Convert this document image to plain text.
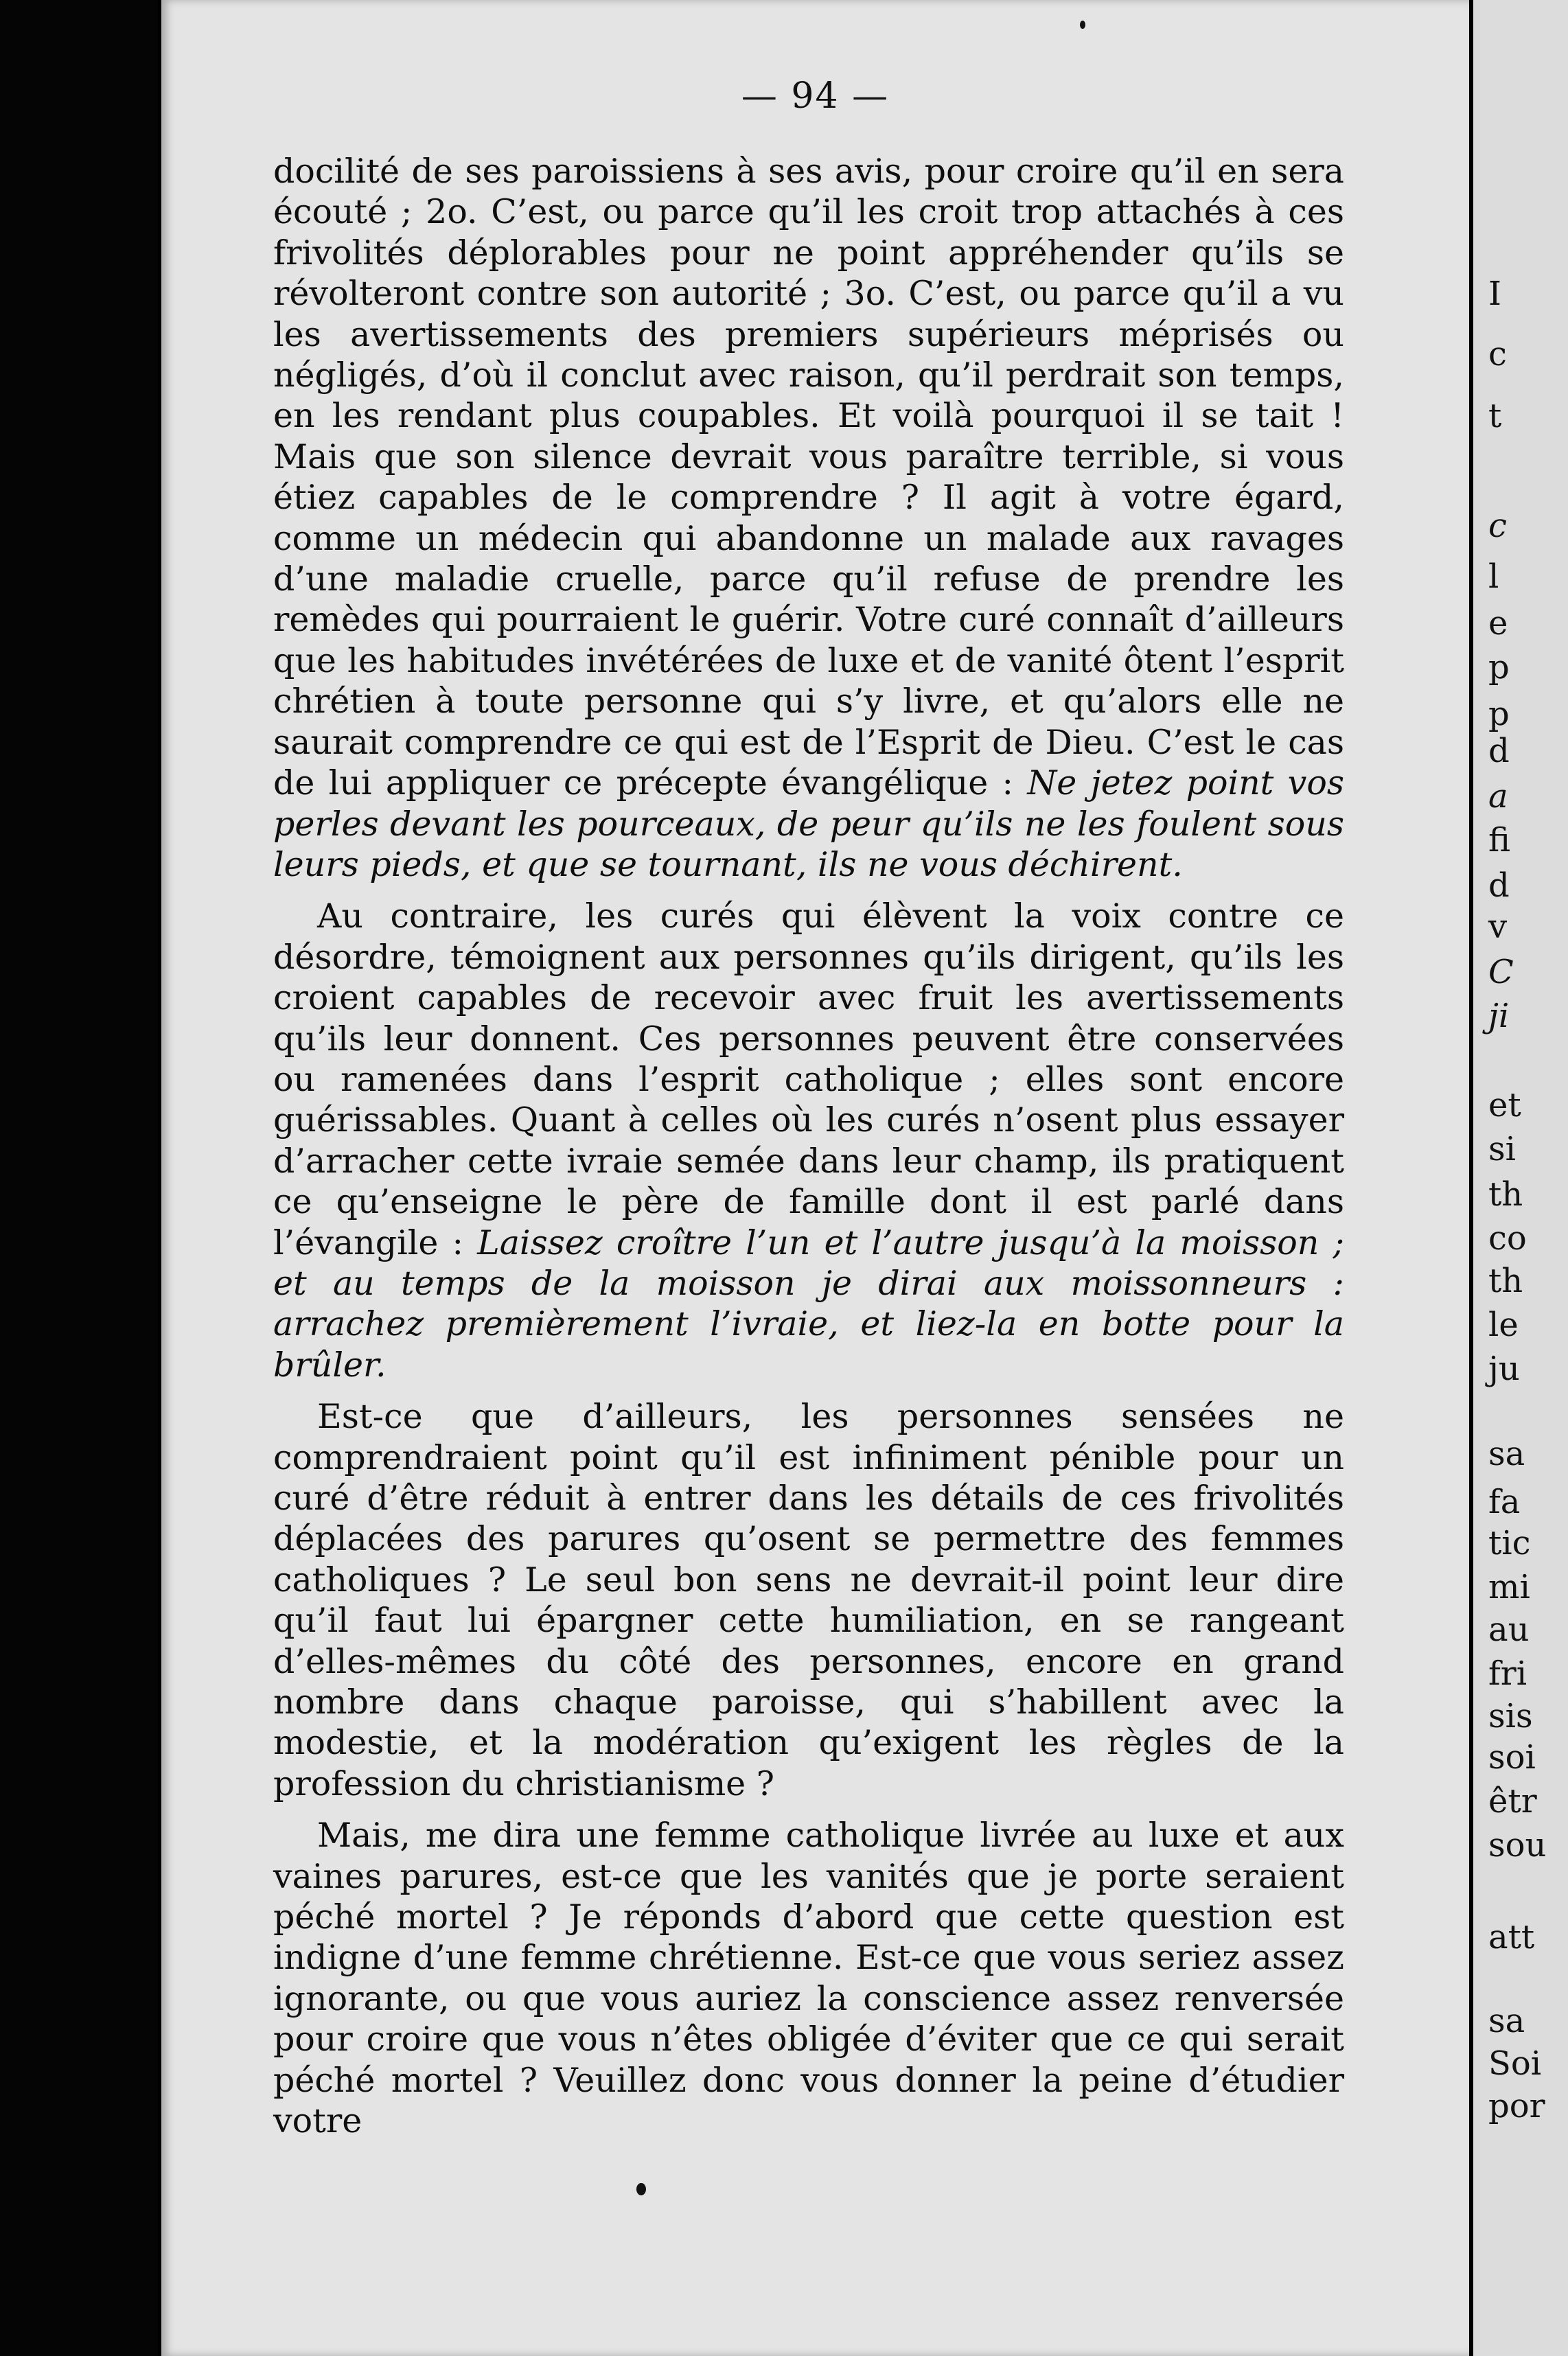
— 94 —

docilité de ses paroissiens à ses avis, pour croire qu’il en sera écouté ; 2o. C’est, ou parce qu’il les croit trop attachés à ces frivolités déplorables pour ne point appréhender qu’ils se révolteront contre son autorité ; 3o. C’est, ou parce qu’il a vu les avertissements des premiers supérieurs méprisés ou négligés, d’où il conclut avec raison, qu’il perdrait son temps, en les rendant plus coupables. Et voilà pourquoi il se tait ! Mais que son silence devrait vous paraître terrible, si vous étiez capables de le comprendre ? Il agit à votre égard, comme un médecin qui abandonne un malade aux ravages d’une maladie cruelle, parce qu’il refuse de prendre les remèdes qui pourraient le guérir. Votre curé connaît d’ailleurs que les habitudes invétérées de luxe et de vanité ôtent l’esprit chrétien à toute personne qui s’y livre, et qu’alors elle ne saurait comprendre ce qui est de l’Esprit de Dieu. C’est le cas de lui appliquer ce précepte évangélique : Ne jetez point vos perles devant les pourceaux, de peur qu’ils ne les foulent sous leurs pieds, et que se tournant, ils ne vous déchirent.

Au contraire, les curés qui élèvent la voix contre ce désordre, témoignent aux personnes qu’ils dirigent, qu’ils les croient capables de recevoir avec fruit les avertissements qu’ils leur donnent. Ces personnes peuvent être conservées ou ramenées dans l’esprit catholique ; elles sont encore guérissables. Quant à celles où les curés n’osent plus essayer d’arracher cette ivraie semée dans leur champ, ils pratiquent ce qu’enseigne le père de famille dont il est parlé dans l’évangile : Laissez croître l’un et l’autre jusqu’à la moisson ; et au temps de la moisson je dirai aux moissonneurs : arrachez premièrement l’ivraie, et liez-la en botte pour la brûler.

Est-ce que d’ailleurs, les personnes sensées ne comprendraient point qu’il est infiniment pénible pour un curé d’être réduit à entrer dans les détails de ces frivolités déplacées des parures qu’osent se permettre des femmes catholiques ? Le seul bon sens ne devrait-il point leur dire qu’il faut lui épargner cette humiliation, en se rangeant d’elles-mêmes du côté des personnes, encore en grand nombre dans chaque paroisse, qui s’habillent avec la modestie, et la modération qu’exigent les règles de la profession du christianisme ?

Mais, me dira une femme catholique livrée au luxe et aux vaines parures, est-ce que les vanités que je porte seraient péché mortel ? Je réponds d’abord que cette question est indigne d’une femme chrétienne. Est-ce que vous seriez assez ignorante, ou que vous auriez la conscience assez renversée pour croire que vous n’êtes obligée d’éviter que ce qui serait péché mortel ? Veuillez donc vous donner la peine d’étudier votre

I
c
t
c
l
e
p
p
d
a
fi
d
v
C
ji
et
si
th
co
th
le
ju
sa
fa
tic
mi
au
fri
sis
soi
êtr
sou
att
sa
Soi
por
